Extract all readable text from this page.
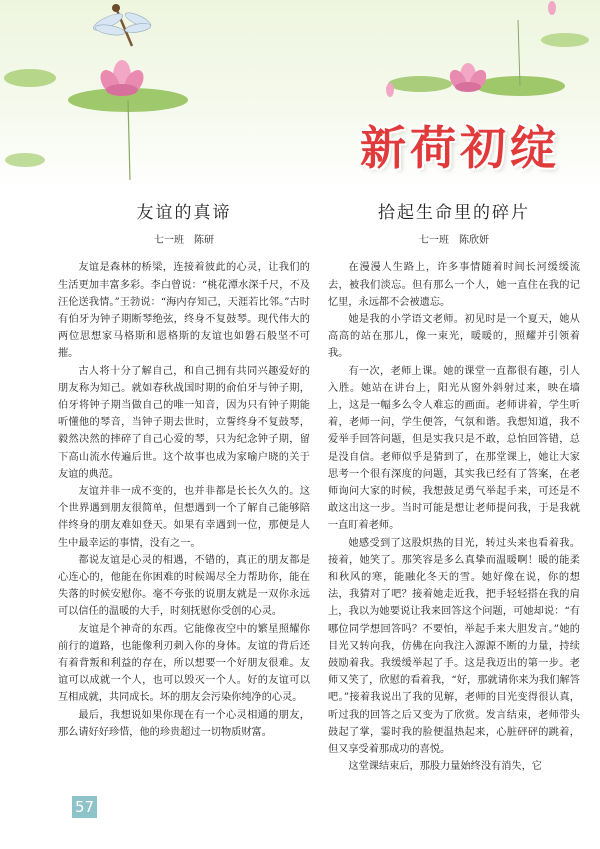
新荷初绽
友谊的真谛
七一班　陈研

友谊是森林的桥梁，连接着彼此的心灵，让我们的生活更加丰富多彩。李白曾说：“桃花潭水深千尺，不及汪伦送我情。”王勃说：“海内存知己，天涯若比邻。”古时有伯牙为钟子期断琴绝弦，终身不复鼓琴。现代伟大的两位思想家马格斯和恩格斯的友谊也如磐石般坚不可摧。

古人将十分了解自己，和自己拥有共同兴趣爱好的朋友称为知己。就如春秋战国时期的俞伯牙与钟子期，伯牙将钟子期当做自己的唯一知音，因为只有钟子期能听懂他的琴音，当钟子期去世时，立誓终身不复鼓琴，毅然决然的摔碎了自己心爱的琴，只为纪念钟子期，留下高山流水传遍后世。这个故事也成为家喻户晓的关于友谊的典范。

友谊并非一成不变的，也并非都是长长久久的。这个世界遇到朋友很简单，但想遇到一个了解自己能够陪伴终身的朋友难如登天。如果有幸遇到一位，那便是人生中最幸运的事情，没有之一。

都说友谊是心灵的相遇，不错的，真正的朋友都是心连心的，他能在你困难的时候竭尽全力帮助你，能在失落的时候安慰你。毫不夸张的说朋友就是一双你永远可以信任的温暖的大手，时刻抚慰你受创的心灵。

友谊是个神奇的东西。它能像夜空中的繁星照耀你前行的道路，也能像利刃刺入你的身体。友谊的背后还有着背叛和利益的存在，所以想要一个好朋友很难。友谊可以成就一个人，也可以毁灭一个人。好的友谊可以互相成就，共同成长。坏的朋友会污染你纯净的心灵。

最后，我想说如果你现在有一个心灵相通的朋友，那么请好好珍惜，他的珍贵超过一切物质财富。

拾起生命里的碎片
七一班　陈欣妍

在漫漫人生路上，许多事情随着时间长河缓缓流去，被我们淡忘。但有那么一个人，她一直住在我的记忆里，永远都不会被遗忘。

她是我的小学语文老师。初见时是一个夏天，她从高高的站在那儿，像一束光，暖暖的，照耀并引领着我。

有一次，老师上课。她的课堂一直都很有趣，引人入胜。她站在讲台上，阳光从窗外斜射过来，映在墙上，这是一幅多么令人难忘的画面。老师讲着，学生听着，老师一问，学生便答，气氛和谐。我想知道，我不爱举手回答问题，但是实我只是不敢，总怕回答错，总是没自信。老师似乎是猜到了，在那堂课上，她让大家思考一个很有深度的问题，其实我已经有了答案，在老师询问大家的时候，我想鼓足勇气举起手来，可还是不敢这出这一步。当时可能是想让老师提问我，于是我就一直盯着老师。

她感受到了这股炽热的目光，转过头来也看着我。接着，她笑了。那笑容是多么真挚而温暖啊！暖的能柔和秋风的寒，能融化冬天的雪。她好像在说，你的想法，我猜对了吧？接着她走近我，把手轻轻搭在我的肩上，我以为她要说让我来回答这个问题，可她却说：“有哪位同学想回答吗？不要怕，举起手来大胆发言。”她的目光又转向我，仿佛在向我注入源源不断的力量，持续鼓励着我。我缓缓举起了手。这是我迈出的第一步。老师又笑了，欣慰的看着我，“好，那就请你来为我们解答吧。”接着我说出了我的见解，老师的目光变得很认真，听过我的回答之后又变为了欣赏。发言结束，老师带头鼓起了掌，霎时我的脸便温热起来，心脏砰砰的跳着，但又享受着那成功的喜悦。

这堂课结束后，那股力量始终没有消失，它

57
